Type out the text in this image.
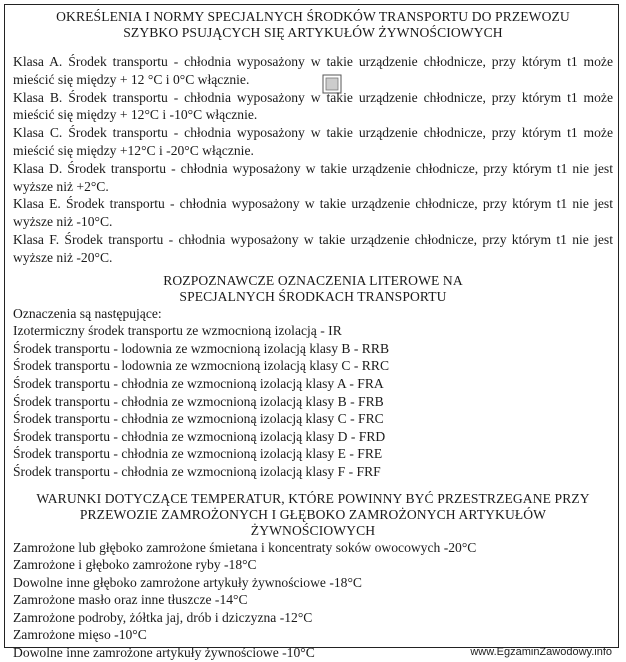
OKREŚLENIA I NORMY SPECJALNYCH ŚRODKÓW TRANSPORTU DO PRZEWOZU
SZYBKO PSUJĄCYCH SIĘ ARTYKUŁÓW ŻYWNOŚCIOWYCH
Klasa A. Środek transportu - chłodnia wyposażony w takie urządzenie chłodnicze, przy którym t1 może mieścić się między + 12 °C i 0°C włącznie.
Klasa B. Środek transportu - chłodnia wyposażony w takie urządzenie chłodnicze, przy którym t1 może mieścić się między + 12°C i -10°C włącznie.
Klasa C. Środek transportu - chłodnia wyposażony w takie urządzenie chłodnicze, przy którym t1 może mieścić się między +12°C i -20°C włącznie.
Klasa D. Środek transportu - chłodnia wyposażony w takie urządzenie chłodnicze, przy którym t1 nie jest wyższe niż +2°C.
Klasa E. Środek transportu - chłodnia wyposażony w takie urządzenie chłodnicze, przy którym t1 nie jest wyższe niż -10°C.
Klasa F. Środek transportu - chłodnia wyposażony w takie urządzenie chłodnicze, przy którym t1 nie jest wyższe niż -20°C.
ROZPOZNAWCZE OZNACZENIA LITEROWE NA
SPECJALNYCH ŚRODKACH TRANSPORTU
Oznaczenia są następujące:
Izotermiczny środek transportu ze wzmocnioną izolacją - IR
Środek transportu - lodownia ze wzmocnioną izolacją klasy B - RRB
Środek transportu - lodownia ze wzmocnioną izolacją klasy C - RRC
Środek transportu - chłodnia ze wzmocnioną izolacją klasy A - FRA
Środek transportu - chłodnia ze wzmocnioną izolacją klasy B - FRB
Środek transportu - chłodnia ze wzmocnioną izolacją klasy C - FRC
Środek transportu - chłodnia ze wzmocnioną izolacją klasy D - FRD
Środek transportu - chłodnia ze wzmocnioną izolacją klasy E - FRE
Środek transportu - chłodnia ze wzmocnioną izolacją klasy F - FRF
WARUNKI DOTYCZĄCE TEMPERATUR, KTÓRE POWINNY BYĆ PRZESTRZEGANE PRZY
PRZEWOZIE ZAMROŻONYCH I GŁĘBOKO ZAMROŻONYCH ARTYKUŁÓW
ŻYWNOŚCIOWYCH
Zamrożone lub głęboko zamrożone śmietana i koncentraty soków owocowych -20°C
Zamrożone i głęboko zamrożone ryby -18°C
Dowolne inne głęboko zamrożone artykuły żywnościowe -18°C
Zamrożone masło oraz inne tłuszcze -14°C
Zamrożone podroby, żółtka jaj, drób i dziczyzna -12°C
Zamrożone mięso -10°C
Dowolne inne zamrożone artykuły żywnościowe -10°C	www.EgzaminZawodowy.info
